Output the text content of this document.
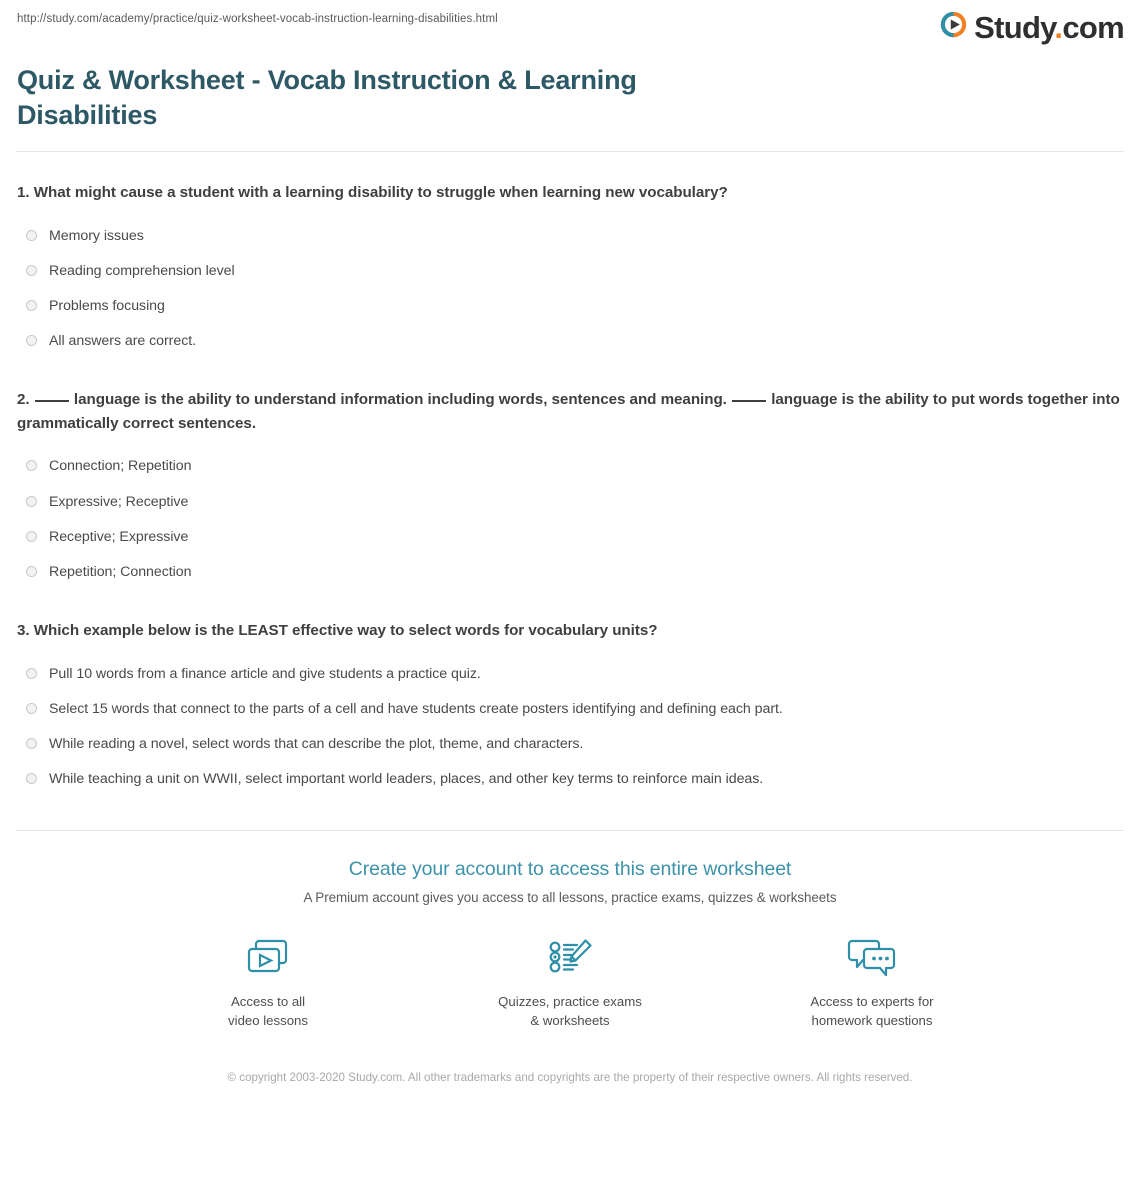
http://study.com/academy/practice/quiz-worksheet-vocab-instruction-learning-disabilities.html	Study.com
Quiz & Worksheet - Vocab Instruction & Learning Disabilities
1. What might cause a student with a learning disability to struggle when learning new vocabulary?
Memory issues
Reading comprehension level
Problems focusing
All answers are correct.
2.	language is the ability to understand information including words, sentences and meaning.	language is the ability to put words together into grammatically correct sentences.
Connection; Repetition
Expressive; Receptive
Receptive; Expressive
Repetition; Connection
3. Which example below is the LEAST effective way to select words for vocabulary units?
Pull 10 words from a finance article and give students a practice quiz.
Select 15 words that connect to the parts of a cell and have students create posters identifying and defining each part.
While reading a novel, select words that can describe the plot, theme, and characters.
While teaching a unit on WWII, select important world leaders, places, and other key terms to reinforce main ideas.
Create your account to access this entire worksheet
A Premium account gives you access to all lessons, practice exams, quizzes & worksheets
Access to all
video lessons
Quizzes, practice exams
& worksheets
Access to experts for
homework questions
© copyright 2003-2020 Study.com. All other trademarks and copyrights are the property of their respective owners. All rights reserved.
